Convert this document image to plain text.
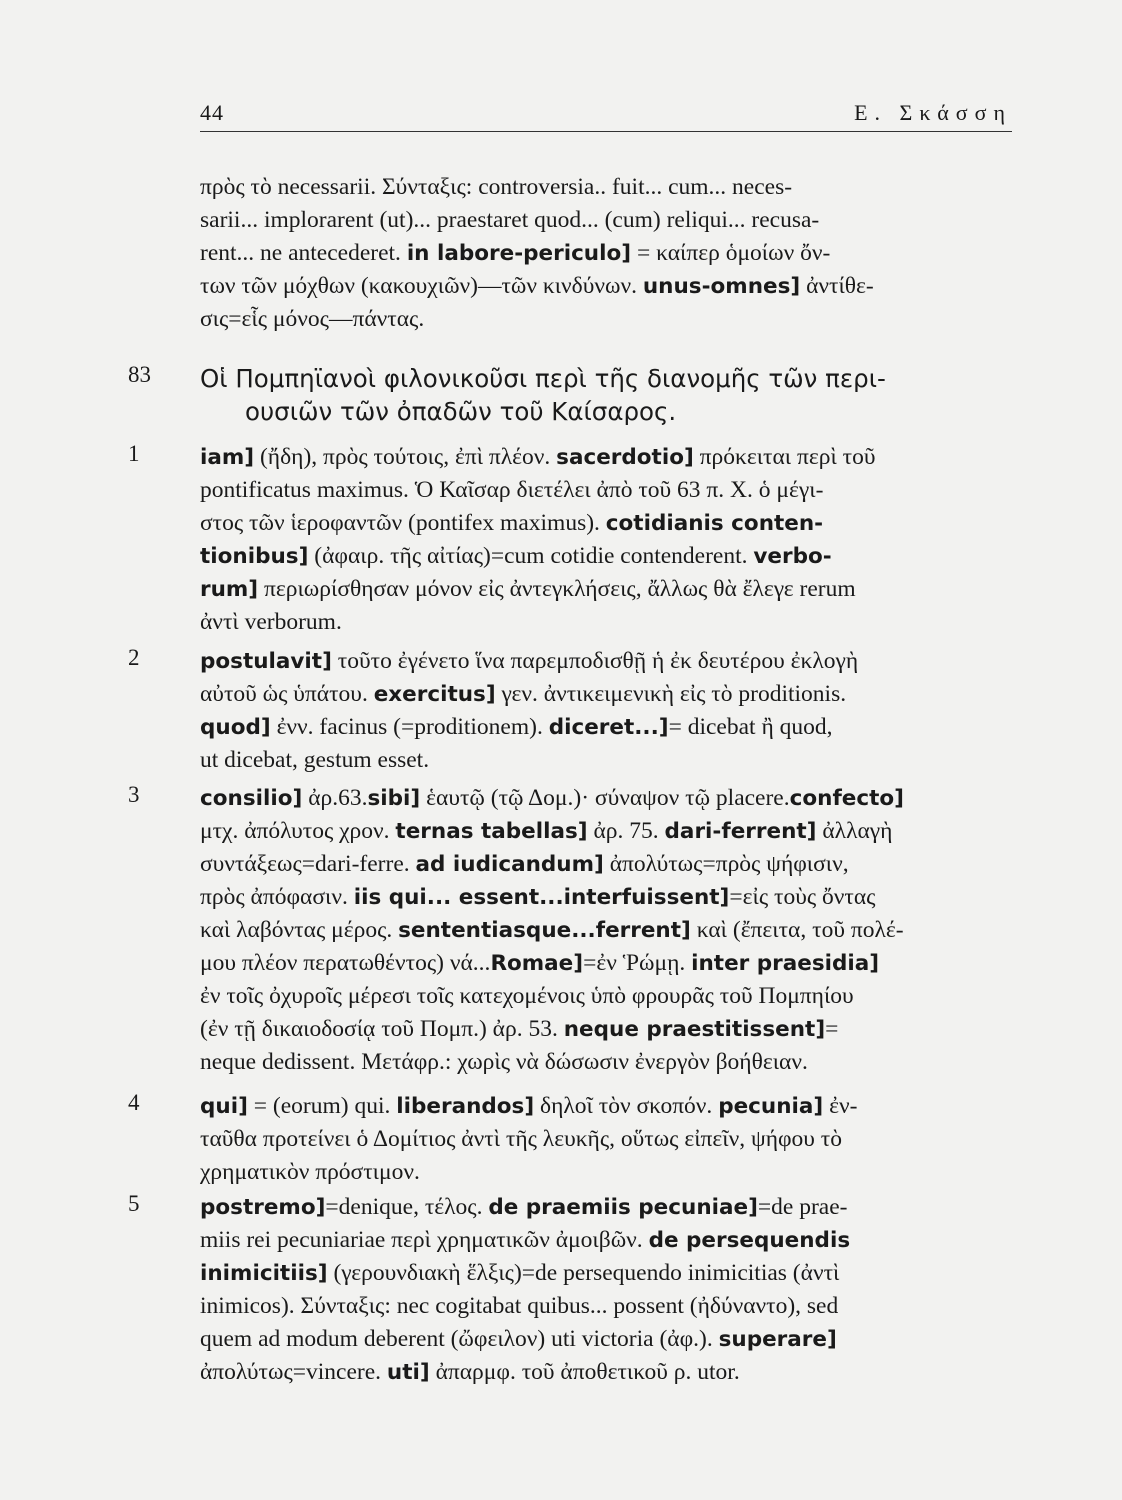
44	Ε. Σκάσση
πρὸς τὸ necessarii. Σύνταξις: controversia.. fuit... cum... neces-
sarii... implorarent (ut)... praestaret quod... (cum) reliqui... recusa-
rent... ne antecederet. in labore-periculo] = καίπερ ὁμοίων ὄν-
των τῶν μόχθων (κακουχιῶν)—τῶν κινδύνων. unus-omnes] ἀντίθε-
σις=εἷς μόνος—πάντας.
83	Οἱ Πομπηϊανοὶ φιλονικοῦσι περὶ τῆς διανομῆς τῶν περι-
ουσιῶν τῶν ὀπαδῶν τοῦ Καίσαρος.
1	iam] (ἤδη), πρὸς τούτοις, ἐπὶ πλέον. sacerdotio] πρόκειται περὶ τοῦ
pontificatus maximus. Ὁ Καῖσαρ διετέλει ἀπὸ τοῦ 63 π. Χ. ὁ μέγι-
στος τῶν ἱεροφαντῶν (pontifex maximus). cotidianis conten-
tionibus] (ἀφαιρ. τῆς αἰτίας)=cum cotidie contenderent. verbo-
rum] περιωρίσθησαν μόνον εἰς ἀντεγκλήσεις, ἄλλως θὰ ἔλεγε rerum
ἀντὶ verborum.
2	postulavit] τοῦτο ἐγένετο ἵνα παρεμποδισθῇ ἡ ἐκ δευτέρου ἐκλογὴ
αὐτοῦ ὡς ὑπάτου. exercitus] γεν. ἀντικειμενικὴ εἰς τὸ proditionis.
quod] ἐνν. facinus (=proditionem). diceret...]= dicebat ἢ quod,
ut dicebat, gestum esset.
3	consilio] ἀρ.63.sibi] ἑαυτῷ (τῷ Δομ.)· σύναψον τῷ placere.confecto]
μτχ. ἀπόλυτος χρον. ternas tabellas] ἀρ. 75. dari-ferrent] ἀλλαγὴ
συντάξεως=dari-ferre. ad iudicandum] ἀπολύτως=πρὸς ψήφισιν,
πρὸς ἀπόφασιν. iis qui... essent...interfuissent]=εἰς τοὺς ὄντας
καὶ λαβόντας μέρος. sententiasque...ferrent] καὶ (ἔπειτα, τοῦ πολέ-
μου πλέον περατωθέντος) νά...Romae]=ἐν Ῥώμῃ. inter praesidia]
ἐν τοῖς ὀχυροῖς μέρεσι τοῖς κατεχομένοις ὑπὸ φρουρᾶς τοῦ Πομπηίου
(ἐν τῇ δικαιοδοσίᾳ τοῦ Πομπ.) ἀρ. 53. neque praestitissent]=
neque dedissent. Μετάφρ.: χωρὶς νὰ δώσωσιν ἐνεργὸν βοήθειαν.
4	qui] = (eorum) qui. liberandos] δηλοῖ τὸν σκοπόν. pecunia] ἐν-
ταῦθα προτείνει ὁ Δομίτιος ἀντὶ τῆς λευκῆς, οὕτως εἰπεῖν, ψήφου τὸ
χρηματικὸν πρόστιμον.
5	postremo]=denique, τέλος. de praemiis pecuniae]=de prae-
miis rei pecuniariae περὶ χρηματικῶν ἀμοιβῶν. de persequendis
inimicitiis] (γερουνδιακὴ ἕλξις)=de persequendo inimicitias (ἀντὶ
inimicos). Σύνταξις: nec cogitabat quibus... possent (ἠδύναντο), sed
quem ad modum deberent (ὤφειλον) uti victoria (ἀφ.). superare]
ἀπολύτως=vincere. uti] ἀπαρμφ. τοῦ ἀποθετικοῦ ρ. utor.
